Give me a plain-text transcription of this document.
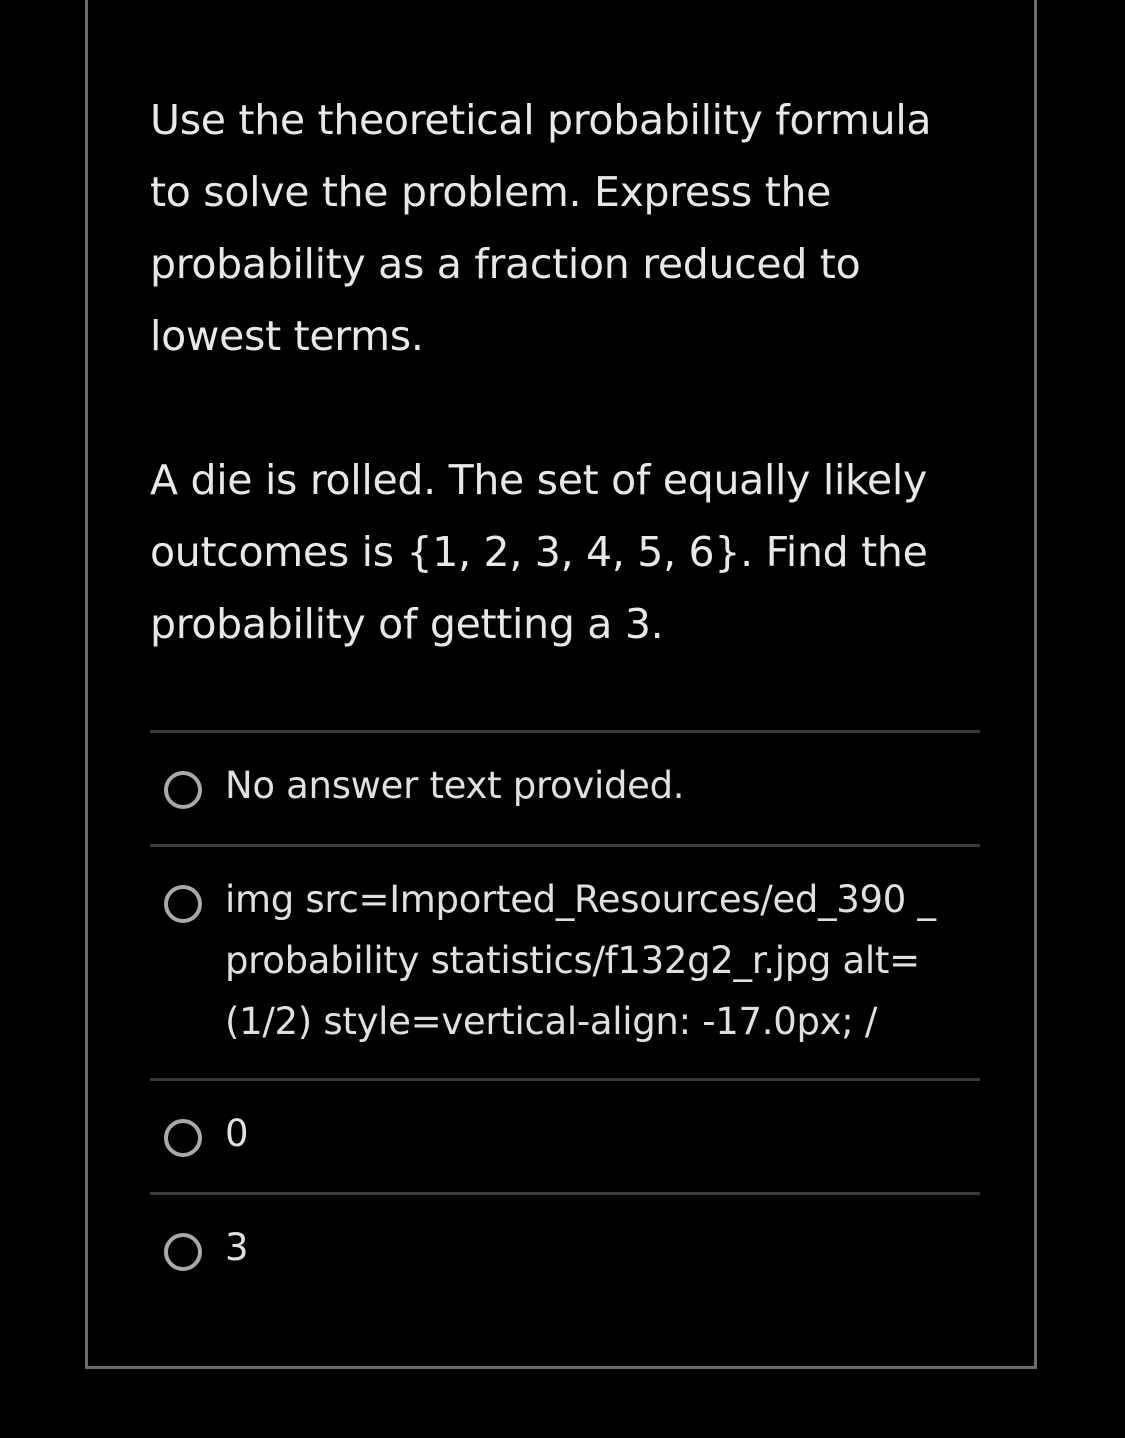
Use the theoretical probability formula to solve the problem. Express the probability as a fraction reduced to lowest terms.

A die is rolled. The set of equally likely outcomes is {1, 2, 3, 4, 5, 6}. Find the probability of getting a 3.

No answer text provided.
img src=Imported_Resources/ed_390 _ probability statistics/f132g2_r.jpg alt=(1/2) style=vertical-align: -17.0px; /
0
3
